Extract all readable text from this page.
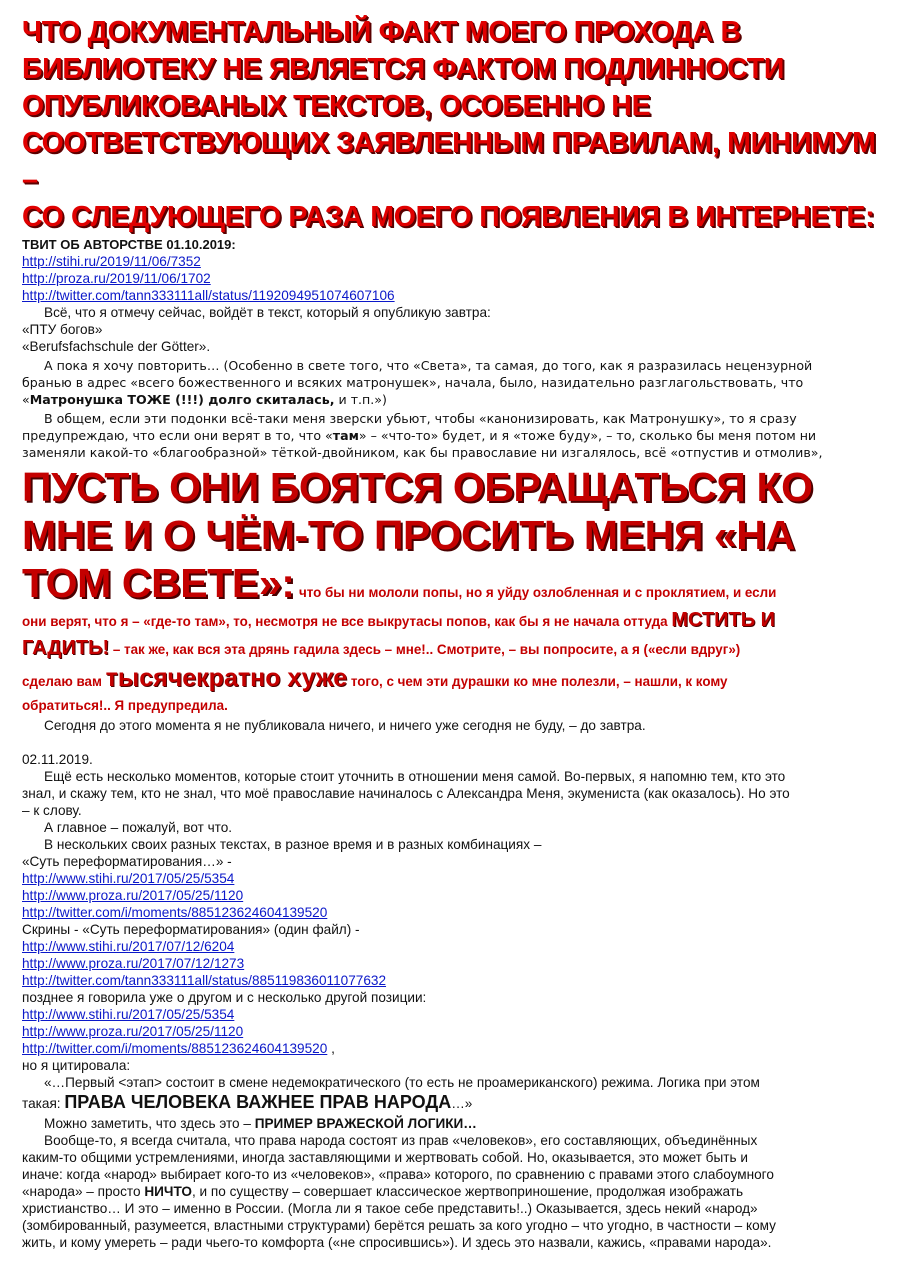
ЧТО ДОКУМЕНТАЛЬНЫЙ ФАКТ МОЕГО ПРОХОДА В
БИБЛИОТЕКУ НЕ ЯВЛЯЕТСЯ ФАКТОМ ПОДЛИННОСТИ
ОПУБЛИКОВАНЫХ ТЕКСТОВ, ОСОБЕННО НЕ
СООТВЕТСТВУЮЩИХ ЗАЯВЛЕННЫМ ПРАВИЛАМ, МИНИМУМ –
СО СЛЕДУЮЩЕГО РАЗА МОЕГО ПОЯВЛЕНИЯ В ИНТЕРНЕТЕ:
ТВИТ ОБ АВТОРСТВЕ 01.10.2019:
http://stihi.ru/2019/11/06/7352
http://proza.ru/2019/11/06/1702
http://twitter.com/tann333111all/status/1192094951074607106
Всё, что я отмечу сейчас, войдёт в текст, который я опубликую завтра:
«ПТУ богов»
«Berufsfachschule der Götter».
А пока я хочу повторить… (Особенно в свете того, что «Света», та самая, до того, как я разразилась нецензурной
бранью в адрес «всего божественного и всяких матронушек», начала, было, назидательно разглагольствовать, что
«Матронушка ТОЖЕ (!!!) долго скиталась, и т.п.»)
В общем, если эти подонки всё-таки меня зверски убьют, чтобы «канонизировать, как Матронушку», то я сразу
предупреждаю, что если они верят в то, что «там» – «что-то» будет, и я «тоже буду», – то, сколько бы меня потом ни
заменяли какой-то «благообразной» тёткой-двойником, как бы православие ни изгалялось, всё «отпустив и отмолив»,
ПУСТЬ ОНИ БОЯТСЯ ОБРАЩАТЬСЯ КО
МНЕ И О ЧЁМ-ТО ПРОСИТЬ МЕНЯ «НА
ТОМ СВЕТЕ»: что бы ни мололи попы, но я уйду озлобленная и с проклятием, и если
они верят, что я – «где-то там», то, несмотря не все выкрутасы попов, как бы я не начала оттуда МСТИТЬ И
ГАДИТЬ! – так же, как вся эта дрянь гадила здесь – мне!.. Смотрите, – вы попросите, а я («если вдруг»)
сделаю вам тысячекратно хуже того, с чем эти дурашки ко мне полезли, – нашли, к кому
обратиться!.. Я предупредила.
Сегодня до этого момента я не публиковала ничего, и ничего уже сегодня не буду, – до завтра.
02.11.2019.
Ещё есть несколько моментов, которые стоит уточнить в отношении меня самой. Во-первых, я напомню тем, кто это
знал, и скажу тем, кто не знал, что моё православие начиналось с Александра Меня, экумениста (как оказалось). Но это
– к слову.
А главное – пожалуй, вот что.
В нескольких своих разных текстах, в разное время и в разных комбинациях –
«Суть переформатирования…» -
http://www.stihi.ru/2017/05/25/5354
http://www.proza.ru/2017/05/25/1120
http://twitter.com/i/moments/885123624604139520
Скрины - «Суть переформатирования» (один файл) -
http://www.stihi.ru/2017/07/12/6204
http://www.proza.ru/2017/07/12/1273
http://twitter.com/tann333111all/status/885119836011077632
позднее я говорила уже о другом и с несколько другой позиции:
http://www.stihi.ru/2017/05/25/5354
http://www.proza.ru/2017/05/25/1120
http://twitter.com/i/moments/885123624604139520 ,
но я цитировала:
«…Первый <этап> состоит в смене недемократического (то есть не проамериканского) режима. Логика при этом
такая: ПРАВА ЧЕЛОВЕКА ВАЖНЕЕ ПРАВ НАРОДА…»
Можно заметить, что здесь это – ПРИМЕР ВРАЖЕСКОЙ ЛОГИКИ…
Вообще-то, я всегда считала, что права народа состоят из прав «человеков», его составляющих, объединённых
каким-то общими устремлениями, иногда заставляющими и жертвовать собой. Но, оказывается, это может быть и
иначе: когда «народ» выбирает кого-то из «человеков», «права» которого, по сравнению с правами этого слабоумного
«народа» – просто НИЧТО, и по существу – совершает классическое жертвоприношение, продолжая изображать
христианство… И это – именно в России. (Могла ли я такое себе представить!..) Оказывается, здесь некий «народ»
(зомбированный, разумеется, властными структурами) берётся решать за кого угодно – что угодно, в частности – кому
жить, и кому умереть – ради чьего-то комфорта («не спросившись»). И здесь это назвали, кажись, «правами народа».
